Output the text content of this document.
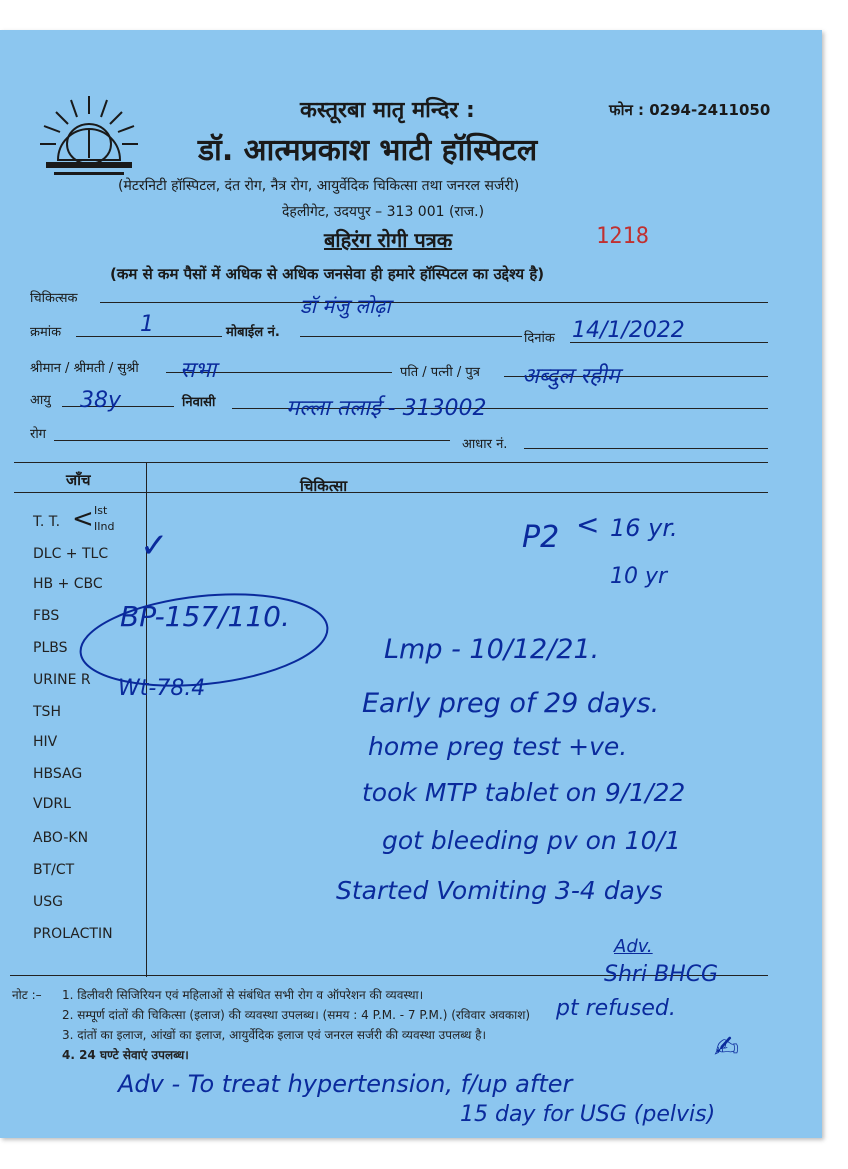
कस्तूरबा मातृ मन्दिर :	फोन : 0294-2411050
डॉ. आत्मप्रकाश भाटी हॉस्पिटल
(मेटरनिटी हॉस्पिटल, दंत रोग, नैत्र रोग, आयुर्वेदिक चिकित्सा तथा जनरल सर्जरी)
देहलीगेट, उदयपुर – 313 001 (राज.)
बहिरंग रोगी पत्रक	1218
(कम से कम पैसों में अधिक से अधिक जनसेवा ही हमारे हॉस्पिटल का उद्देश्य है)
चिकित्सक	डॉ मंजु लोढ़ा
क्रमांक	1	मोबाईल नं.	दिनांक 14/1/2022
श्रीमान / श्रीमती / सुश्री सभा	पति / पत्नी / पुत्र अब्दुल रहीम
आयु 38y	निवासी	मल्ला तलाई - 313002
रोग
आधार नं.
जाँच	चिकित्सा
T. T. < Ist
IInd
DLC + TLC
HB + CBC
FBS
PLBS
URINE R
TSH
HIV
HBSAG
VDRL
ABO-KN
BT/CT
USG
PROLACTIN
BP-157/110.
Wt-78.4
✓	P2 < 16 yr.
10 yr
Lmp - 10/12/21.
Early preg of 29 days.
home preg test +ve.
took MTP tablet on 9/1/22
got bleeding pv on 10/1
Started Vomiting 3-4 days
Adv.
Shri BHCG
pt refused.
नोट :– 1. डिलीवरी सिजिरियन एवं महिलाओं से संबंधित सभी रोग व ऑपरेशन की व्यवस्था।
2. सम्पूर्ण दांतों की चिकित्सा (इलाज) की व्यवस्था उपलब्ध। (समय : 4 P.M. - 7 P.M.) (रविवार अवकाश)
3. दांतों का इलाज, आंखों का इलाज, आयुर्वेदिक इलाज एवं जनरल सर्जरी की व्यवस्था उपलब्ध है।
4. 24 घण्टे सेवाएं उपलब्ध।	✍
Adv - To treat hypertension, f/up after
15 day for USG (pelvis)
